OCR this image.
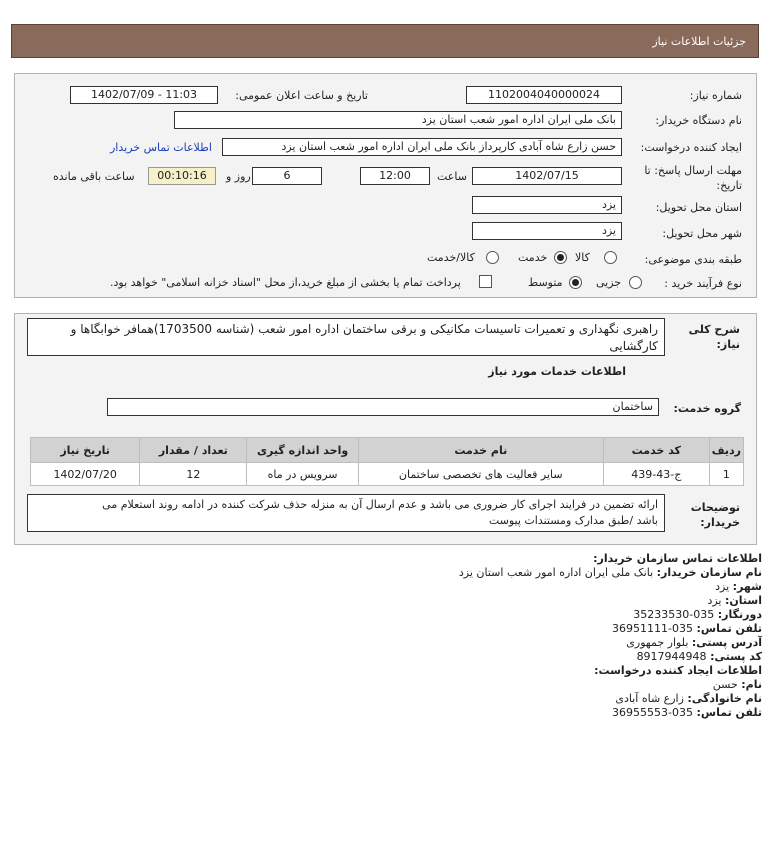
جزئیات اطلاعات نیاز
شماره نیاز:
1102004040000024
تاریخ و ساعت اعلان عمومی:
1402/07/09 - 11:03
نام دستگاه خریدار:
بانک ملی ایران اداره امور شعب استان یزد
ایجاد کننده درخواست:
حسن زارع شاه آبادی کارپرداز بانک ملی ایران اداره امور شعب استان یزد
اطلاعات تماس خریدار
مهلت ارسال پاسخ: تا
تاریخ:
1402/07/15
ساعت
12:00
6
روز و
00:10:16
ساعت باقی مانده
استان محل تحویل:
یزد
شهر محل تحویل:
یزد
طبقه بندی موضوعی:
کالا
خدمت
کالا/خدمت
نوع فرآیند خرید :
جزیی
متوسط
پرداخت تمام یا بخشی از مبلغ خرید،از محل "اسناد خزانه اسلامی" خواهد بود.
شرح کلی
نیاز:
راهبری نگهداری و تعمیرات تاسیسات مکانیکی و برقی ساختمان اداره امور شعب (شناسه 1703500)همافر خوابگاها و کارگشایی
اطلاعات خدمات مورد نیاز
گروه خدمت:
ساختمان
ردیف	کد خدمت	نام خدمت	واحد اندازه گیری	تعداد / مقدار	تاریخ نیاز
1	ج-43-439	سایر فعالیت های تخصصی ساختمان	سرویس در ماه	12	1402/07/20
توضیحات
خریدار:
ارائه تضمین در فرایند اجرای کار ضروری می باشد و عدم ارسال آن به منزله حذف شرکت کننده در ادامه روند استعلام می
باشد /طبق مدارک ومستندات پیوست
اطلاعات تماس سازمان خریدار:
نام سازمان خریدار: بانک ملی ایران اداره امور شعب استان یزد
شهر: یزد
استان: یزد
دورنگار: 035-35233530
تلفن تماس: 035-36951111
آدرس پستی: بلوار جمهوری
کد پستی: 8917944948
اطلاعات ایجاد کننده درخواست:
نام: حسن
نام خانوادگی: زارع شاه آبادی
تلفن تماس: 035-36955553
